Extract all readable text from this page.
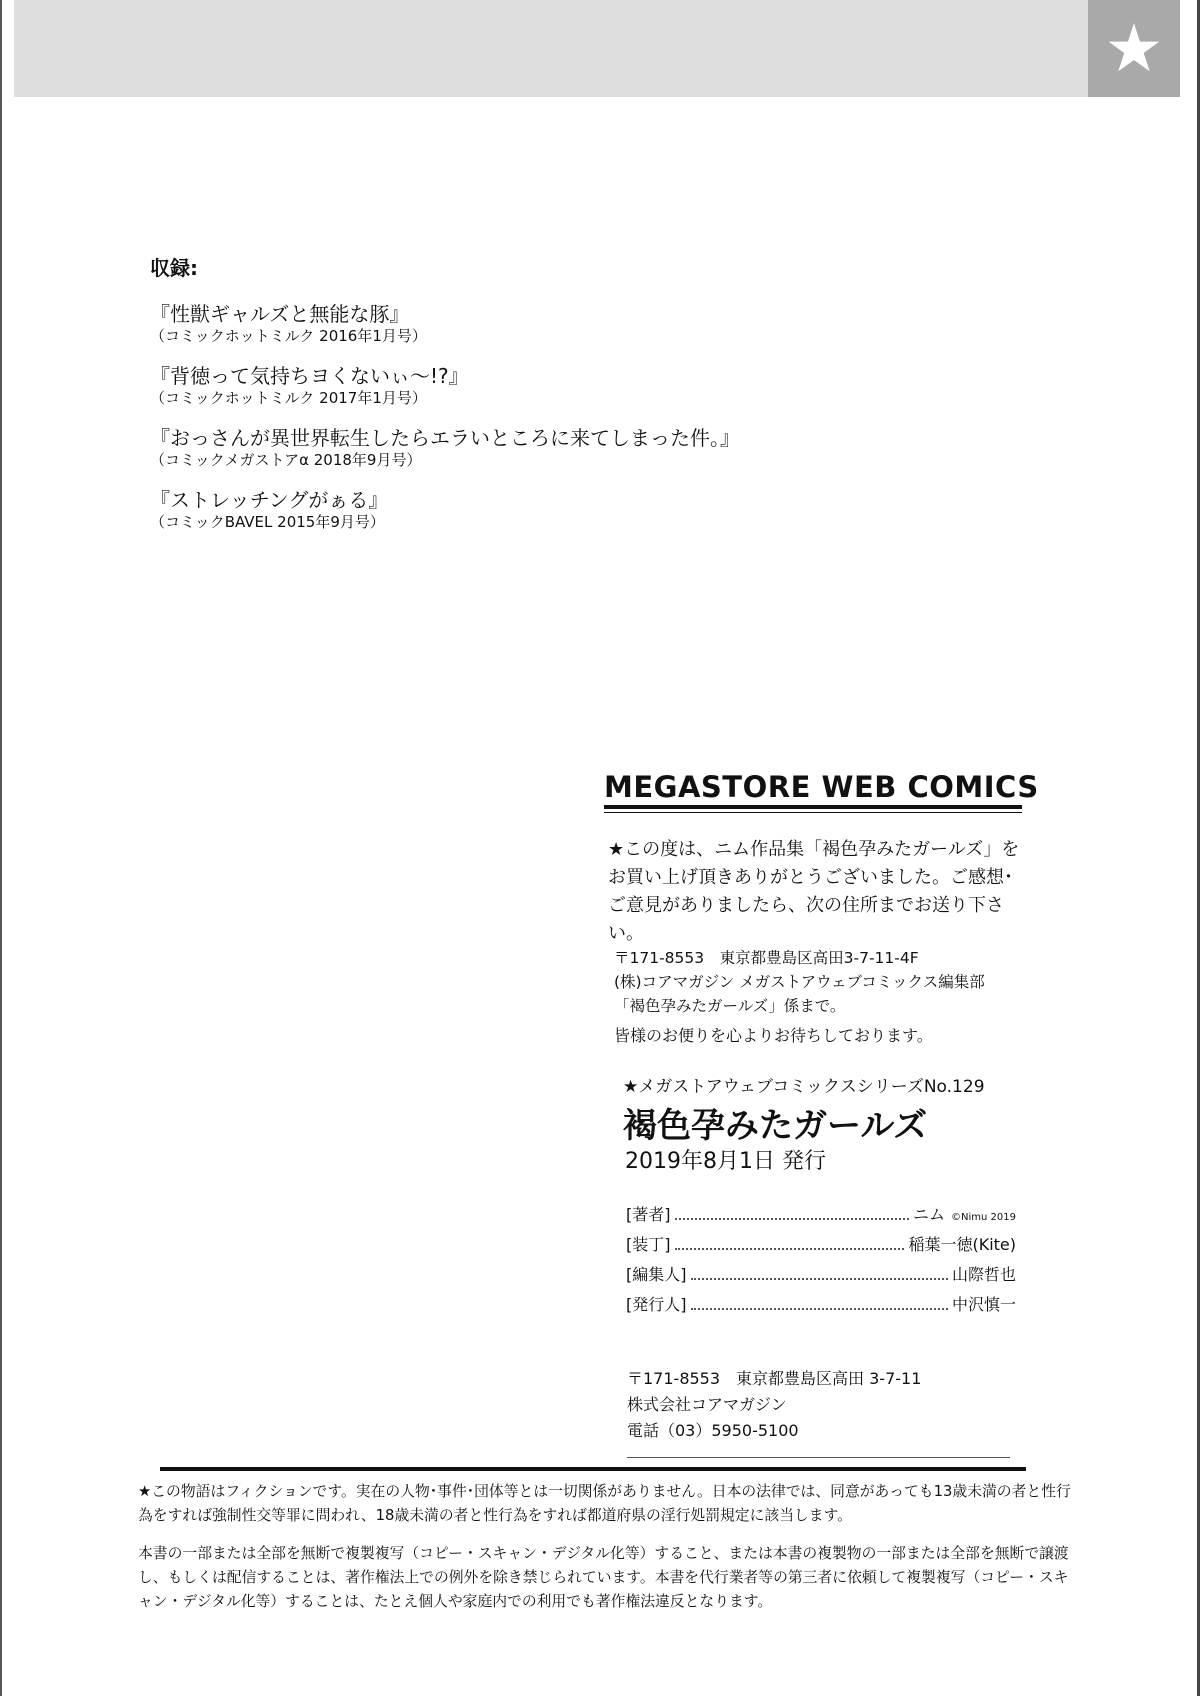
★
収録:
『性獣ギャルズと無能な豚』
（コミックホットミルク 2016年1月号）
『背徳って気持ちヨくないぃ〜!?』
（コミックホットミルク 2017年1月号）
『おっさんが異世界転生したらエラいところに来てしまった件。』
（コミックメガストアα 2018年9月号）
『ストレッチングがぁる』
（コミックBAVEL 2015年9月号）
MEGASTORE WEB COMICS
★この度は、ニム作品集「褐色孕みたガールズ」をお買い上げ頂きありがとうございました。ご感想･ご意見がありましたら、次の住所までお送り下さい。
〒171-8553　東京都豊島区高田3-7-11-4F
(株)コアマガジン メガストアウェブコミックス編集部
「褐色孕みたガールズ」係まで。
皆様のお便りを心よりお待ちしております。
★メガストアウェブコミックスシリーズNo.129
褐色孕みたガールズ
2019年8月1日 発行
[著者]	ニム ©Nimu 2019
[装丁]	稲葉一徳(Kite)
[編集人]	山際哲也
[発行人]	中沢慎一
〒171-8553　東京都豊島区高田 3-7-11
株式会社コアマガジン
電話（03）5950-5100
★この物語はフィクションです。実在の人物･事件･団体等とは一切関係がありません。日本の法律では、同意があっても13歳未満の者と性行為をすれば強制性交等罪に問われ、18歳未満の者と性行為をすれば都道府県の淫行処罰規定に該当します。
本書の一部または全部を無断で複製複写（コピー・スキャン・デジタル化等）すること、または本書の複製物の一部または全部を無断で譲渡し、もしくは配信することは、著作権法上での例外を除き禁じられています。本書を代行業者等の第三者に依頼して複製複写（コピー・スキャン・デジタル化等）することは、たとえ個人や家庭内での利用でも著作権法違反となります。
